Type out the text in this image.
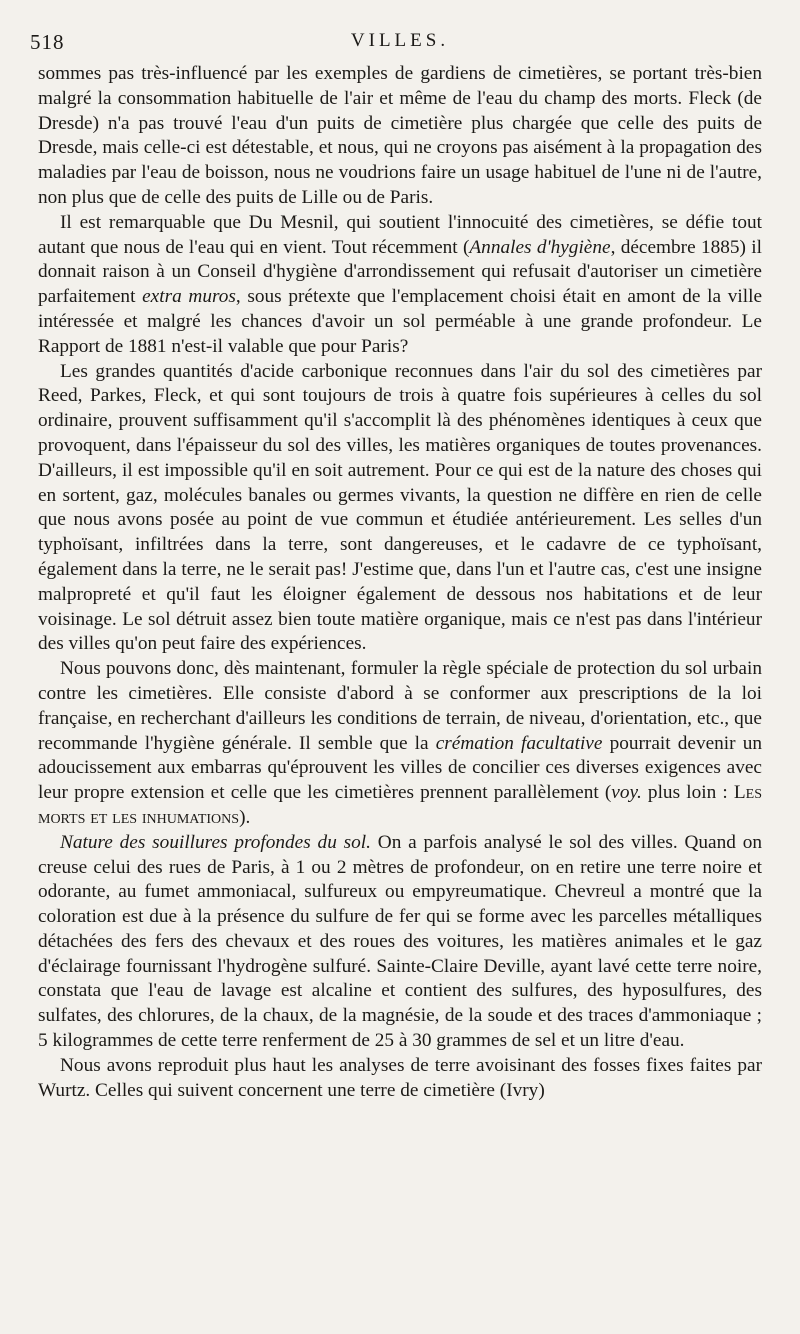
518	VILLES.

sommes pas très-influencé par les exemples de gardiens de cimetières, se portant très-bien malgré la consommation habituelle de l'air et même de l'eau du champ des morts. Fleck (de Dresde) n'a pas trouvé l'eau d'un puits de cimetière plus chargée que celle des puits de Dresde, mais celle-ci est détestable, et nous, qui ne croyons pas aisément à la propagation des maladies par l'eau de boisson, nous ne voudrions faire un usage habituel de l'une ni de l'autre, non plus que de celle des puits de Lille ou de Paris.

Il est remarquable que Du Mesnil, qui soutient l'innocuité des cimetières, se défie tout autant que nous de l'eau qui en vient. Tout récemment (Annales d'hygiène, décembre 1885) il donnait raison à un Conseil d'hygiène d'arrondissement qui refusait d'autoriser un cimetière parfaitement extra muros, sous prétexte que l'emplacement choisi était en amont de la ville intéressée et malgré les chances d'avoir un sol perméable à une grande profondeur. Le Rapport de 1881 n'est-il valable que pour Paris?

Les grandes quantités d'acide carbonique reconnues dans l'air du sol des cimetières par Reed, Parkes, Fleck, et qui sont toujours de trois à quatre fois supérieures à celles du sol ordinaire, prouvent suffisamment qu'il s'accomplit là des phénomènes identiques à ceux que provoquent, dans l'épaisseur du sol des villes, les matières organiques de toutes provenances. D'ailleurs, il est impossible qu'il en soit autrement. Pour ce qui est de la nature des choses qui en sortent, gaz, molécules banales ou germes vivants, la question ne diffère en rien de celle que nous avons posée au point de vue commun et étudiée antérieurement. Les selles d'un typhoïsant, infiltrées dans la terre, sont dangereuses, et le cadavre de ce typhoïsant, également dans la terre, ne le serait pas! J'estime que, dans l'un et l'autre cas, c'est une insigne malpropreté et qu'il faut les éloigner également de dessous nos habitations et de leur voisinage. Le sol détruit assez bien toute matière organique, mais ce n'est pas dans l'intérieur des villes qu'on peut faire des expériences.

Nous pouvons donc, dès maintenant, formuler la règle spéciale de protection du sol urbain contre les cimetières. Elle consiste d'abord à se conformer aux prescriptions de la loi française, en recherchant d'ailleurs les conditions de terrain, de niveau, d'orientation, etc., que recommande l'hygiène générale. Il semble que la crémation facultative pourrait devenir un adoucissement aux embarras qu'éprouvent les villes de concilier ces diverses exigences avec leur propre extension et celle que les cimetières prennent parallèlement (voy. plus loin : Les morts et les inhumations).

Nature des souillures profondes du sol. On a parfois analysé le sol des villes. Quand on creuse celui des rues de Paris, à 1 ou 2 mètres de profondeur, on en retire une terre noire et odorante, au fumet ammoniacal, sulfureux ou empyreumatique. Chevreul a montré que la coloration est due à la présence du sulfure de fer qui se forme avec les parcelles métalliques détachées des fers des chevaux et des roues des voitures, les matières animales et le gaz d'éclairage fournissant l'hydrogène sulfuré. Sainte-Claire Deville, ayant lavé cette terre noire, constata que l'eau de lavage est alcaline et contient des sulfures, des hyposulfures, des sulfates, des chlorures, de la chaux, de la magnésie, de la soude et des traces d'ammoniaque ; 5 kilogrammes de cette terre renferment de 25 à 30 grammes de sel et un litre d'eau.

Nous avons reproduit plus haut les analyses de terre avoisinant des fosses fixes faites par Wurtz. Celles qui suivent concernent une terre de cimetière (Ivry)
